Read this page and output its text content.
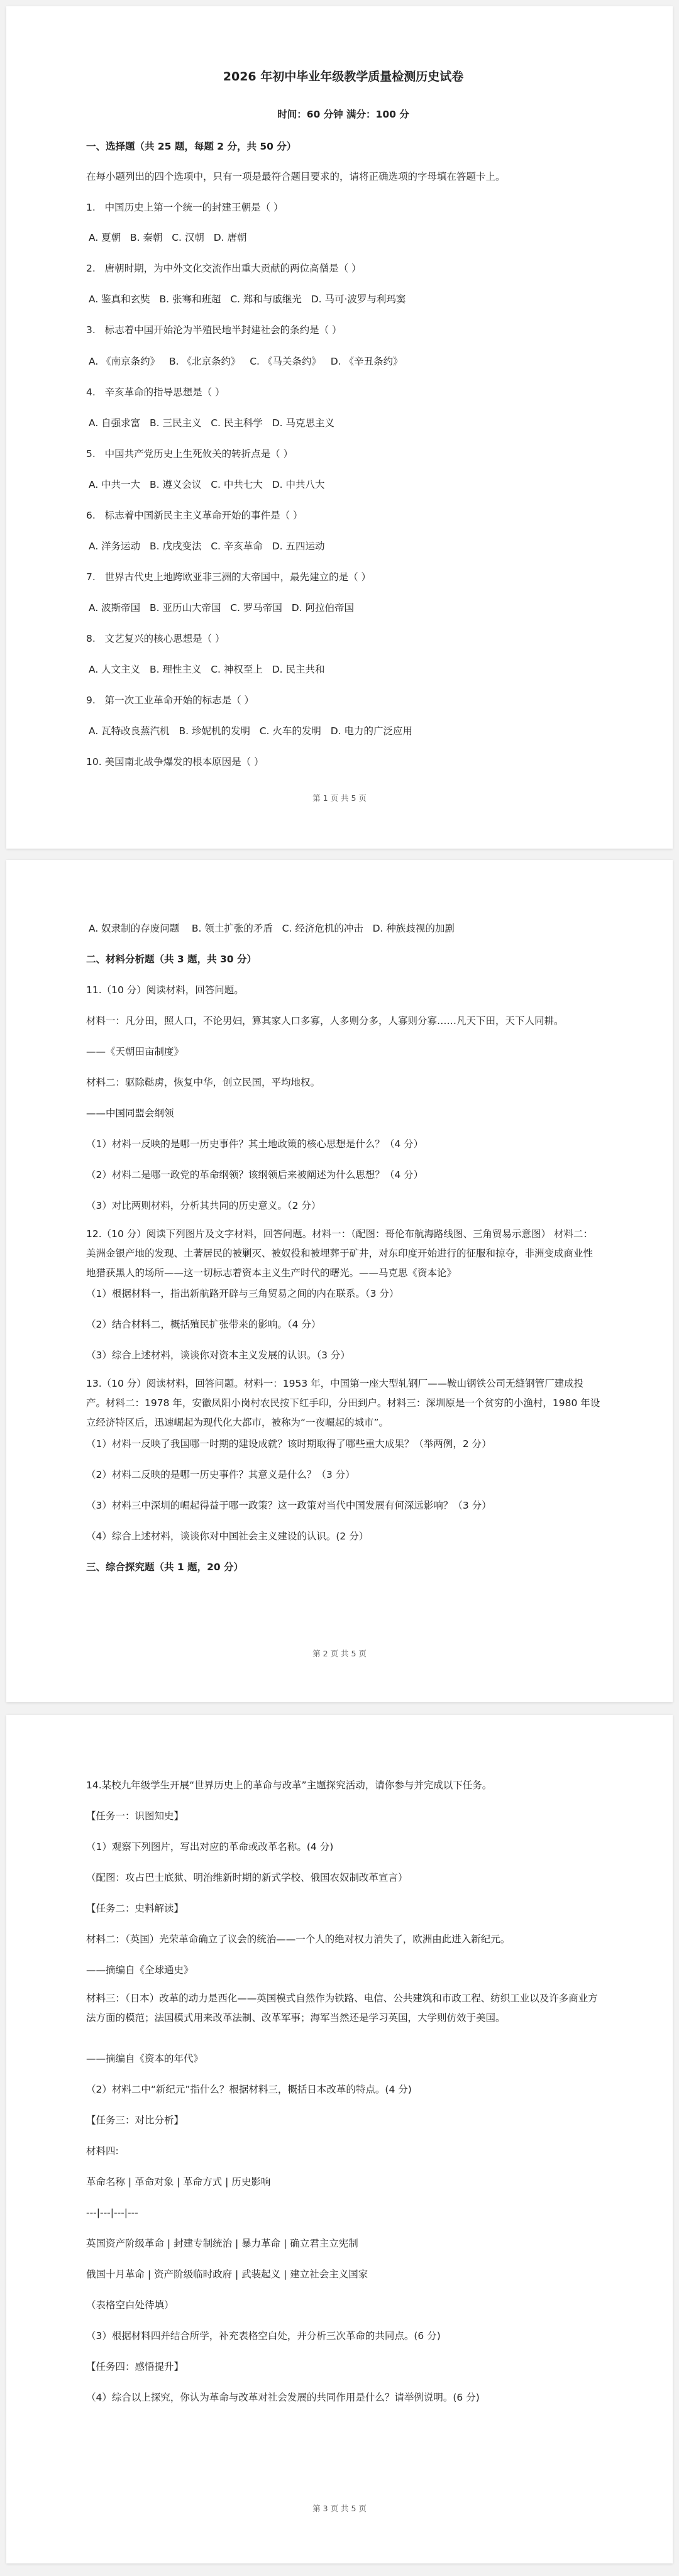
2026 年初中毕业年级教学质量检测历史试卷
时间：60 分钟 满分：100 分
一、选择题（共 25 题，每题 2 分，共 50 分）
在每小题列出的四个选项中，只有一项是最符合题目要求的，请将正确选项的字母填在答题卡上。
1.   中国历史上第一个统一的封建王朝是（ ）
A. 夏朝   B. 秦朝   C. 汉朝   D. 唐朝
2.   唐朝时期，为中外文化交流作出重大贡献的两位高僧是（ ）
A. 鉴真和玄奘   B. 张骞和班超   C. 郑和与戚继光   D. 马可·波罗与利玛窦
3.   标志着中国开始沦为半殖民地半封建社会的条约是（ ）
A. 《南京条约》   B. 《北京条约》   C. 《马关条约》   D. 《辛丑条约》
4.   辛亥革命的指导思想是（ ）
A. 自强求富   B. 三民主义   C. 民主科学   D. 马克思主义
5.   中国共产党历史上生死攸关的转折点是（ ）
A. 中共一大   B. 遵义会议   C. 中共七大   D. 中共八大
6.   标志着中国新民主主义革命开始的事件是（ ）
A. 洋务运动   B. 戊戌变法   C. 辛亥革命   D. 五四运动
7.   世界古代史上地跨欧亚非三洲的大帝国中，最先建立的是（ ）
A. 波斯帝国   B. 亚历山大帝国   C. 罗马帝国   D. 阿拉伯帝国
8.   文艺复兴的核心思想是（ ）
A. 人文主义   B. 理性主义   C. 神权至上   D. 民主共和
9.   第一次工业革命开始的标志是（ ）
A. 瓦特改良蒸汽机   B. 珍妮机的发明   C. 火车的发明   D. 电力的广泛应用
10. 美国南北战争爆发的根本原因是（ ）
第 1 页 共 5 页
A. 奴隶制的存废问题    B. 领土扩张的矛盾   C. 经济危机的冲击   D. 种族歧视的加剧
二、材料分析题（共 3 题，共 30 分）
11.（10 分）阅读材料，回答问题。
材料一：凡分田，照人口，不论男妇，算其家人口多寡，人多则分多，人寡则分寡……凡天下田，天下人同耕。
——《天朝田亩制度》
材料二：驱除鞑虏，恢复中华，创立民国，平均地权。
——中国同盟会纲领
（1）材料一反映的是哪一历史事件？其土地政策的核心思想是什么？（4 分）
（2）材料二是哪一政党的革命纲领？该纲领后来被阐述为什么思想？（4 分）
（3）对比两则材料，分析其共同的历史意义。（2 分）
12.（10 分）阅读下列图片及文字材料，回答问题。材料一：（配图：哥伦布航海路线图、三角贸易示意图） 材料二：美洲金银产地的发现、土著居民的被剿灭、被奴役和被埋葬于矿井，对东印度开始进行的征服和掠夺，非洲变成商业性地猎获黑人的场所——这一切标志着资本主义生产时代的曙光。——马克思《资本论》
（1）根据材料一，指出新航路开辟与三角贸易之间的内在联系。（3 分）
（2）结合材料二，概括殖民扩张带来的影响。（4 分）
（3）综合上述材料，谈谈你对资本主义发展的认识。（3 分）
13.（10 分）阅读材料，回答问题。材料一：1953 年，中国第一座大型轧钢厂——鞍山钢铁公司无缝钢管厂建成投产。材料二：1978 年，安徽凤阳小岗村农民按下红手印，分田到户。材料三：深圳原是一个贫穷的小渔村，1980 年设立经济特区后，迅速崛起为现代化大都市，被称为“一夜崛起的城市”。
（1）材料一反映了我国哪一时期的建设成就？该时期取得了哪些重大成果？（举两例，2 分）
（2）材料二反映的是哪一历史事件？其意义是什么？（3 分）
（3）材料三中深圳的崛起得益于哪一政策？这一政策对当代中国发展有何深远影响？（3 分）
（4）综合上述材料，谈谈你对中国社会主义建设的认识。(2 分）
三、综合探究题（共 1 题，20 分）
第 2 页 共 5 页
14.某校九年级学生开展“世界历史上的革命与改革”主题探究活动，请你参与并完成以下任务。
【任务一：识图知史】
（1）观察下列图片，写出对应的革命或改革名称。(4 分)
（配图：攻占巴士底狱、明治维新时期的新式学校、俄国农奴制改革宣言）
【任务二：史料解读】
材料二：（英国）光荣革命确立了议会的统治——一个人的绝对权力消失了，欧洲由此进入新纪元。
——摘编自《全球通史》
材料三：（日本）改革的动力是西化——英国模式自然作为铁路、电信、公共建筑和市政工程、纺织工业以及许多商业方法方面的模范；法国模式用来改革法制、改革军事；海军当然还是学习英国，大学则仿效于美国。
——摘编自《资本的年代》
（2）材料二中“新纪元”指什么？根据材料三，概括日本改革的特点。(4 分)
【任务三：对比分析】
材料四:
革命名称 | 革命对象 | 革命方式 | 历史影响
---|---|---|---
英国资产阶级革命 | 封建专制统治 | 暴力革命 | 确立君主立宪制
俄国十月革命 | 资产阶级临时政府 | 武装起义 | 建立社会主义国家
（表格空白处待填）
（3）根据材料四并结合所学，补充表格空白处，并分析三次革命的共同点。(6 分)
【任务四：感悟提升】
（4）综合以上探究，你认为革命与改革对社会发展的共同作用是什么？请举例说明。(6 分)
第 3 页 共 5 页
